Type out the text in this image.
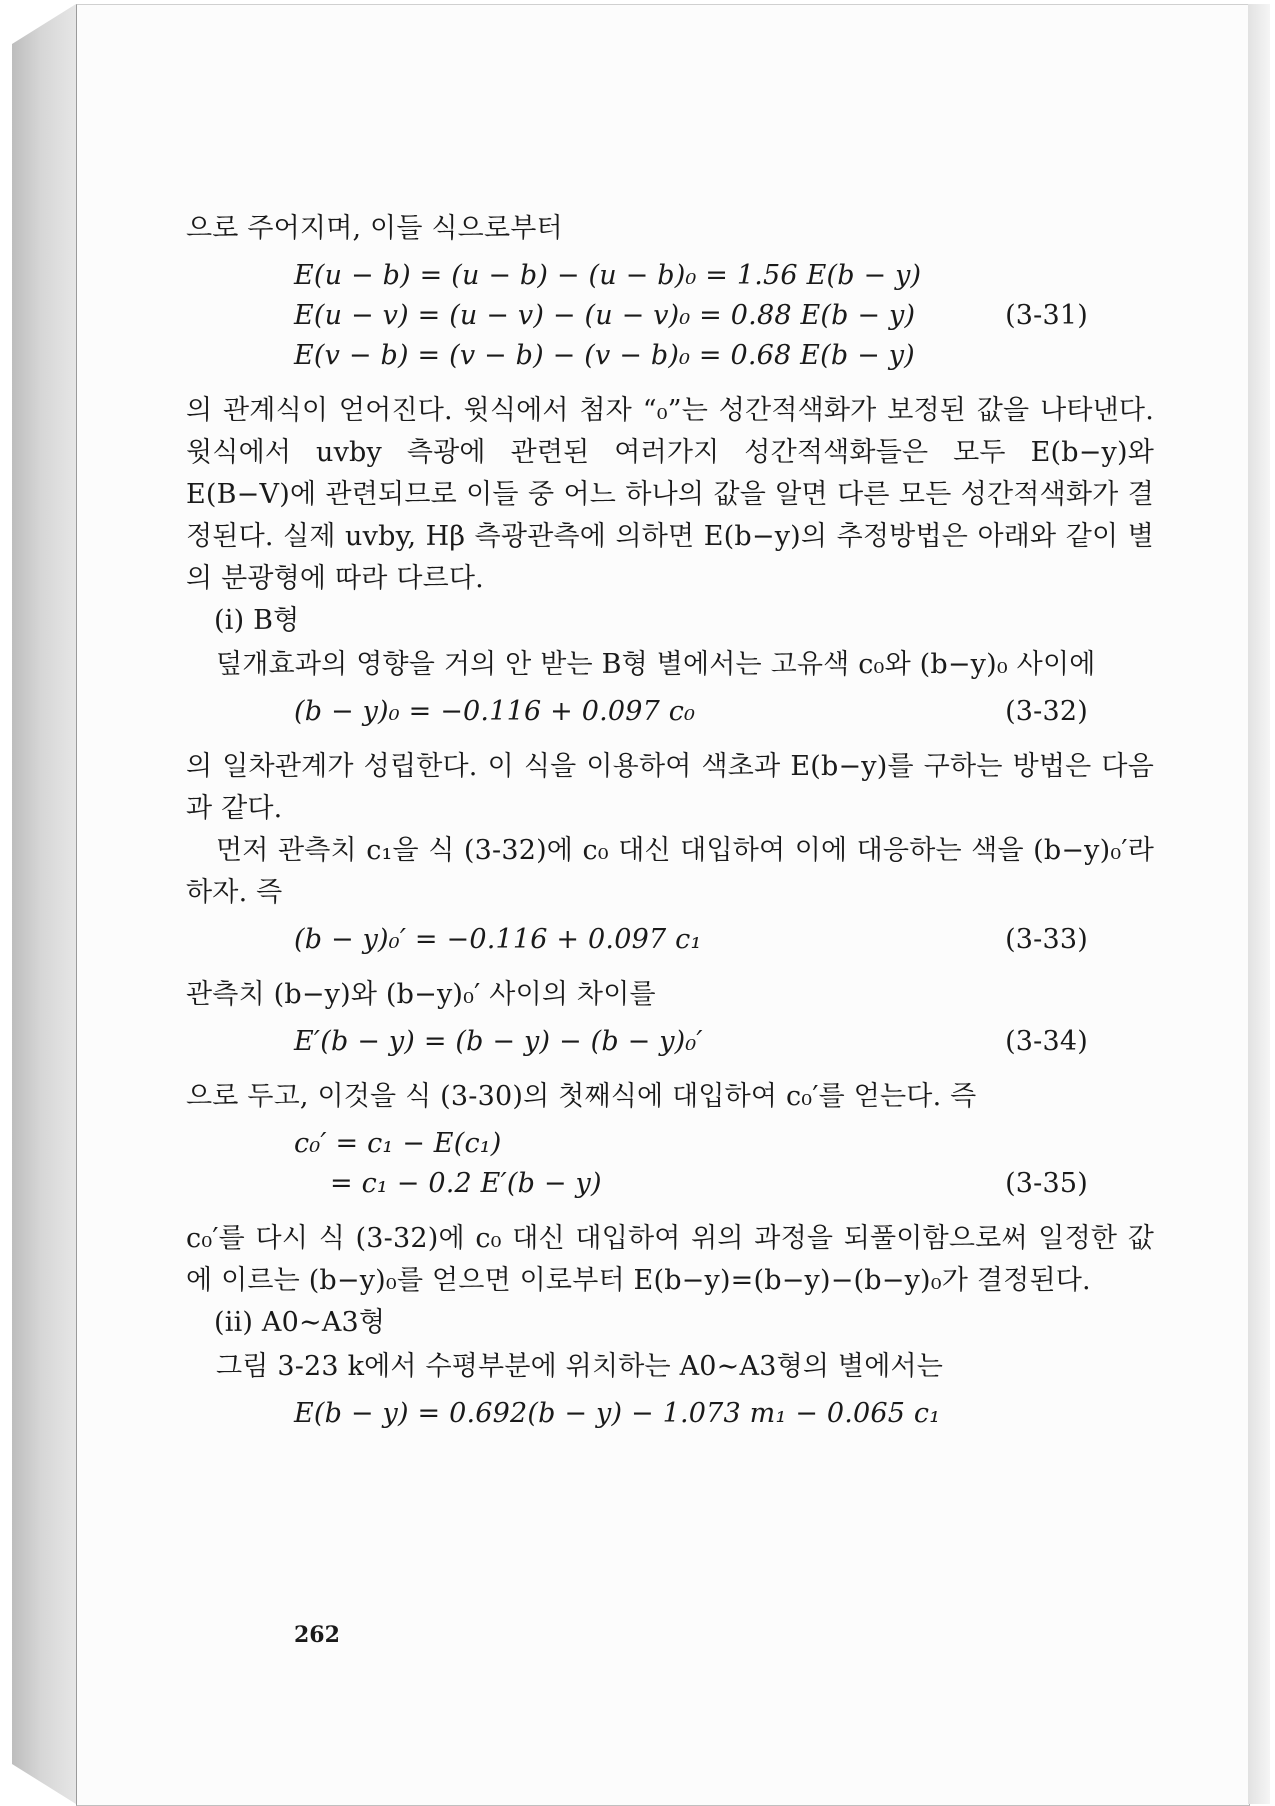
으로 주어지며, 이들 식으로부터

E(u − b) = (u − b) − (u − b)₀ = 1.56 E(b − y)
E(u − v) = (u − v) − (u − v)₀ = 0.88 E(b − y)	(3-31)
E(v − b) = (v − b) − (v − b)₀ = 0.68 E(b − y)

의 관계식이 얻어진다. 윗식에서 첨자 “₀”는 성간적색화가 보정된 값을 나타낸다. 윗식에서 uvby 측광에 관련된 여러가지 성간적색화들은 모두 E(b−y)와 E(B−V)에 관련되므로 이들 중 어느 하나의 값을 알면 다른 모든 성간적색화가 결정된다. 실제 uvby, Hβ 측광관측에 의하면 E(b−y)의 추정방법은 아래와 같이 별의 분광형에 따라 다르다.

(i) B형

덮개효과의 영향을 거의 안 받는 B형 별에서는 고유색 c₀와 (b−y)₀ 사이에

(b − y)₀ = −0.116 + 0.097 c₀	(3-32)

의 일차관계가 성립한다. 이 식을 이용하여 색초과 E(b−y)를 구하는 방법은 다음과 같다.

먼저 관측치 c₁을 식 (3-32)에 c₀ 대신 대입하여 이에 대응하는 색을 (b−y)₀′라 하자. 즉

(b − y)₀′ = −0.116 + 0.097 c₁	(3-33)

관측치 (b−y)와 (b−y)₀′ 사이의 차이를

E′(b − y) = (b − y) − (b − y)₀′	(3-34)

으로 두고, 이것을 식 (3-30)의 첫째식에 대입하여 c₀′를 얻는다. 즉

c₀′ = c₁ − E(c₁)
= c₁ − 0.2 E′(b − y)	(3-35)

c₀′를 다시 식 (3-32)에 c₀ 대신 대입하여 위의 과정을 되풀이함으로써 일정한 값에 이르는 (b−y)₀를 얻으면 이로부터 E(b−y)=(b−y)−(b−y)₀가 결정된다.

(ii) A0∼A3형

그림 3-23 k에서 수평부분에 위치하는 A0∼A3형의 별에서는

E(b − y) = 0.692(b − y) − 1.073 m₁ − 0.065 c₁
262
